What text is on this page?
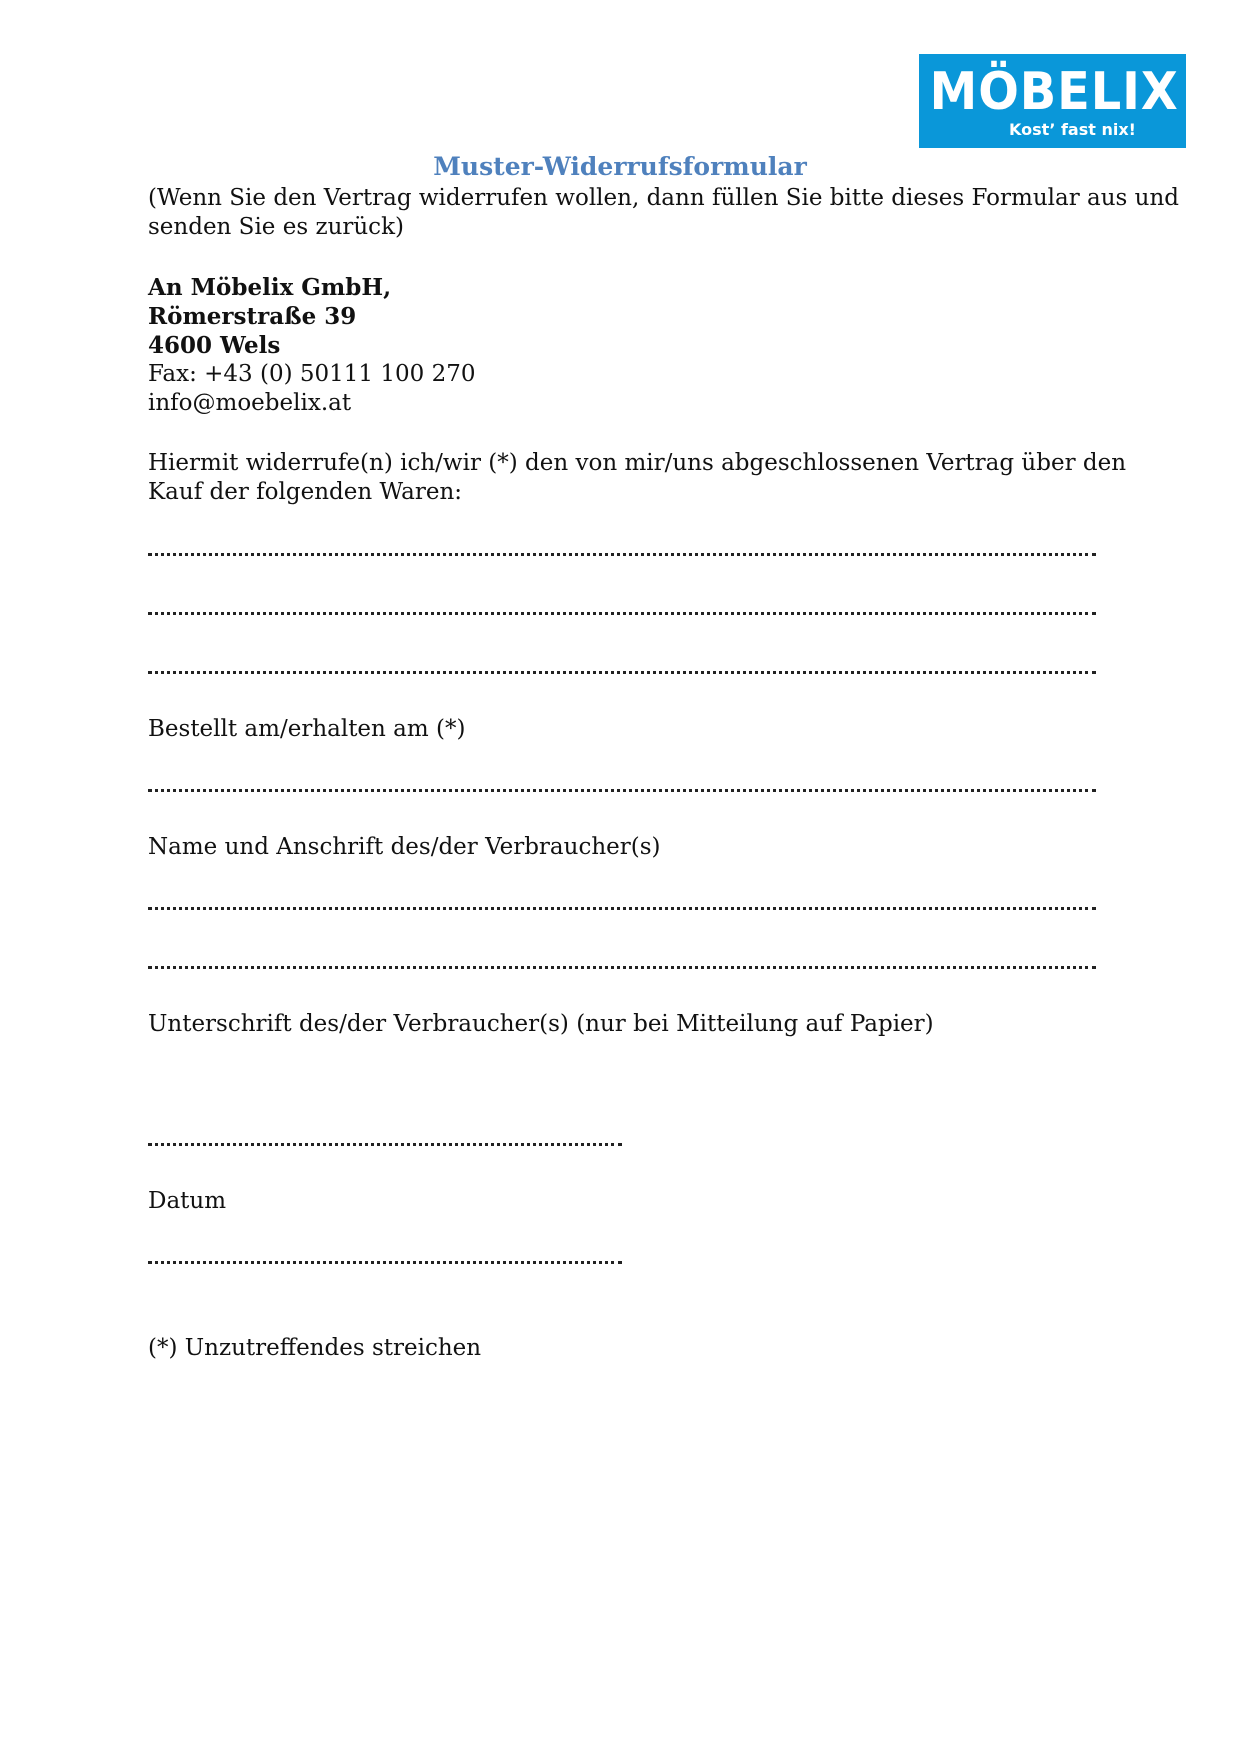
MÖBELIX
Kost’ fast nix!
Muster-Widerrufsformular
(Wenn Sie den Vertrag widerrufen wollen, dann füllen Sie bitte dieses Formular aus und
senden Sie es zurück)
An Möbelix GmbH,
Römerstraße 39
4600 Wels
Fax: +43 (0) 50111 100 270
info@moebelix.at
Hiermit widerrufe(n) ich/wir (*) den von mir/uns abgeschlossenen Vertrag über den
Kauf der folgenden Waren:
Bestellt am/erhalten am (*)
Name und Anschrift des/der Verbraucher(s)
Unterschrift des/der Verbraucher(s) (nur bei Mitteilung auf Papier)
Datum
(*) Unzutreffendes streichen
